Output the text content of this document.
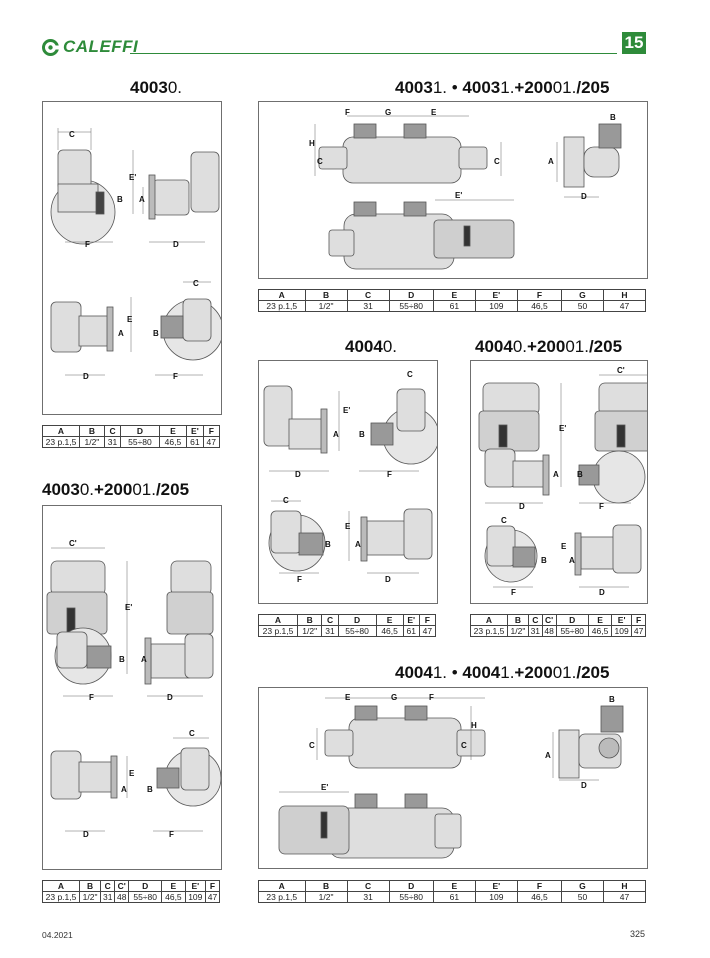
CALEFFI	15
40030.	40031. • 40031.+20001./205
40040.	40040.+20001./205
40030.+20001./205
40041. • 40041.+20001./205
C
F	D
E'
A
B
D	F
C
E
A	B
F	G	E
H
C	C
E'
B
A
D
A	B	C	D	E	E'	F	G	H
23 p.1,5	1/2"	31	55÷80	61	109	46,5	50	47
C
D	F
E'
A	B
C
E
F	D
B	A
C'
E'
A B
D	F
C
E
B	A
F	D
A	B	C	D	E	E'	F
23 p.1,5	1/2"	31	55÷80	46,5	61	47
C'
E'
B A
F	D
C
E
A	B
D	F
A	B	C	D	E	E'	F
23 p.1,5	1/2"	31	55÷80	46,5	61	47
A	B	C	C'	D	E	E'	F
23 p.1,5	1/2"	31	48	55÷80	46,5	109	47
E	G	F
C	C
H
E'
B
A
D
A	B	C	C'	D	E	E'	F
23 p.1,5	1/2"	31	48	55÷80	46,5	109	47
A	B	C	D	E	E'	F	G	H
23 p.1,5	1/2"	31	55÷80	61	109	46,5	50	47
04.2021	325
